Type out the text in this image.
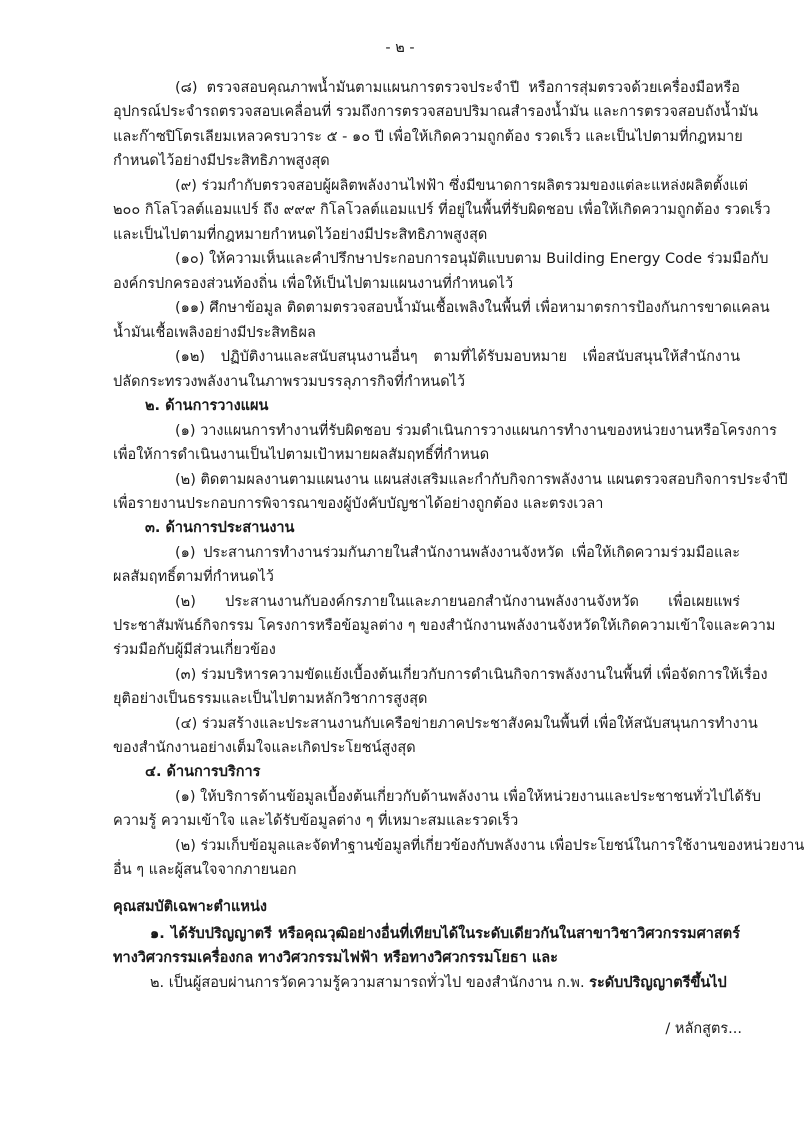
- ๒ -
(๘) ตรวจสอบคุณภาพน้ำมันตามแผนการตรวจประจำปี หรือการสุ่มตรวจด้วยเครื่องมือหรือ
อุปกรณ์ประจำรถตรวจสอบเคลื่อนที่ รวมถึงการตรวจสอบปริมาณสำรองน้ำมัน และการตรวจสอบถังน้ำมัน
และก๊าซปิโตรเลียมเหลวครบวาระ ๕ - ๑๐ ปี เพื่อให้เกิดความถูกต้อง รวดเร็ว และเป็นไปตามที่กฎหมาย
กำหนดไว้อย่างมีประสิทธิภาพสูงสุด
(๙) ร่วมกำกับตรวจสอบผู้ผลิตพลังงานไฟฟ้า ซึ่งมีขนาดการผลิตรวมของแต่ละแหล่งผลิตตั้งแต่
๒๐๐ กิโลโวลต์แอมแปร์ ถึง ๙๙๙ กิโลโวลต์แอมแปร์ ที่อยู่ในพื้นที่รับผิดชอบ เพื่อให้เกิดความถูกต้อง รวดเร็ว
และเป็นไปตามที่กฎหมายกำหนดไว้อย่างมีประสิทธิภาพสูงสุด
(๑๐) ให้ความเห็นและคำปรึกษาประกอบการอนุมัติแบบตาม Building Energy Code ร่วมมือกับ
องค์กรปกครองส่วนท้องถิ่น เพื่อให้เป็นไปตามแผนงานที่กำหนดไว้
(๑๑) ศึกษาข้อมูล ติดตามตรวจสอบน้ำมันเชื้อเพลิงในพื้นที่ เพื่อหามาตรการป้องกันการขาดแคลน
น้ำมันเชื้อเพลิงอย่างมีประสิทธิผล
(๑๒) ปฏิบัติงานและสนับสนุนงานอื่นๆ ตามที่ได้รับมอบหมาย เพื่อสนับสนุนให้สำนักงาน
ปลัดกระทรวงพลังงานในภาพรวมบรรลุภารกิจที่กำหนดไว้
๒. ด้านการวางแผน
(๑) วางแผนการทำงานที่รับผิดชอบ ร่วมดำเนินการวางแผนการทำงานของหน่วยงานหรือโครงการ
เพื่อให้การดำเนินงานเป็นไปตามเป้าหมายผลสัมฤทธิ์ที่กำหนด
(๒) ติดตามผลงานตามแผนงาน แผนส่งเสริมและกำกับกิจการพลังงาน แผนตรวจสอบกิจการประจำปี
เพื่อรายงานประกอบการพิจารณาของผู้บังคับบัญชาได้อย่างถูกต้อง และตรงเวลา
๓. ด้านการประสานงาน
(๑) ประสานการทำงานร่วมกันภายในสำนักงานพลังงานจังหวัด เพื่อให้เกิดความร่วมมือและ
ผลสัมฤทธิ์ตามที่กำหนดไว้
(๒) ประสานงานกับองค์กรภายในและภายนอกสำนักงานพลังงานจังหวัด เพื่อเผยแพร่
ประชาสัมพันธ์กิจกรรม โครงการหรือข้อมูลต่าง ๆ ของสำนักงานพลังงานจังหวัดให้เกิดความเข้าใจและความ
ร่วมมือกับผู้มีส่วนเกี่ยวข้อง
(๓) ร่วมบริหารความขัดแย้งเบื้องต้นเกี่ยวกับการดำเนินกิจการพลังงานในพื้นที่ เพื่อจัดการให้เรื่อง
ยุติอย่างเป็นธรรมและเป็นไปตามหลักวิชาการสูงสุด
(๔) ร่วมสร้างและประสานงานกับเครือข่ายภาคประชาสังคมในพื้นที่ เพื่อให้สนับสนุนการทำงาน
ของสำนักงานอย่างเต็มใจและเกิดประโยชน์สูงสุด
๔. ด้านการบริการ
(๑) ให้บริการด้านข้อมูลเบื้องต้นเกี่ยวกับด้านพลังงาน เพื่อให้หน่วยงานและประชาชนทั่วไปได้รับ
ความรู้ ความเข้าใจ และได้รับข้อมูลต่าง ๆ ที่เหมาะสมและรวดเร็ว
(๒) ร่วมเก็บข้อมูลและจัดทำฐานข้อมูลที่เกี่ยวข้องกับพลังงาน เพื่อประโยชน์ในการใช้งานของหน่วยงาน
อื่น ๆ และผู้สนใจจากภายนอก
คุณสมบัติเฉพาะตำแหน่ง
๑. ได้รับปริญญาตรี หรือคุณวุฒิอย่างอื่นที่เทียบได้ในระดับเดียวกันในสาขาวิชาวิศวกรรมศาสตร์
ทางวิศวกรรมเครื่องกล ทางวิศวกรรมไฟฟ้า หรือทางวิศวกรรมโยธา และ
๒. เป็นผู้สอบผ่านการวัดความรู้ความสามารถทั่วไป ของสำนักงาน ก.พ. ระดับปริญญาตรีขึ้นไป
/ หลักสูตร...
